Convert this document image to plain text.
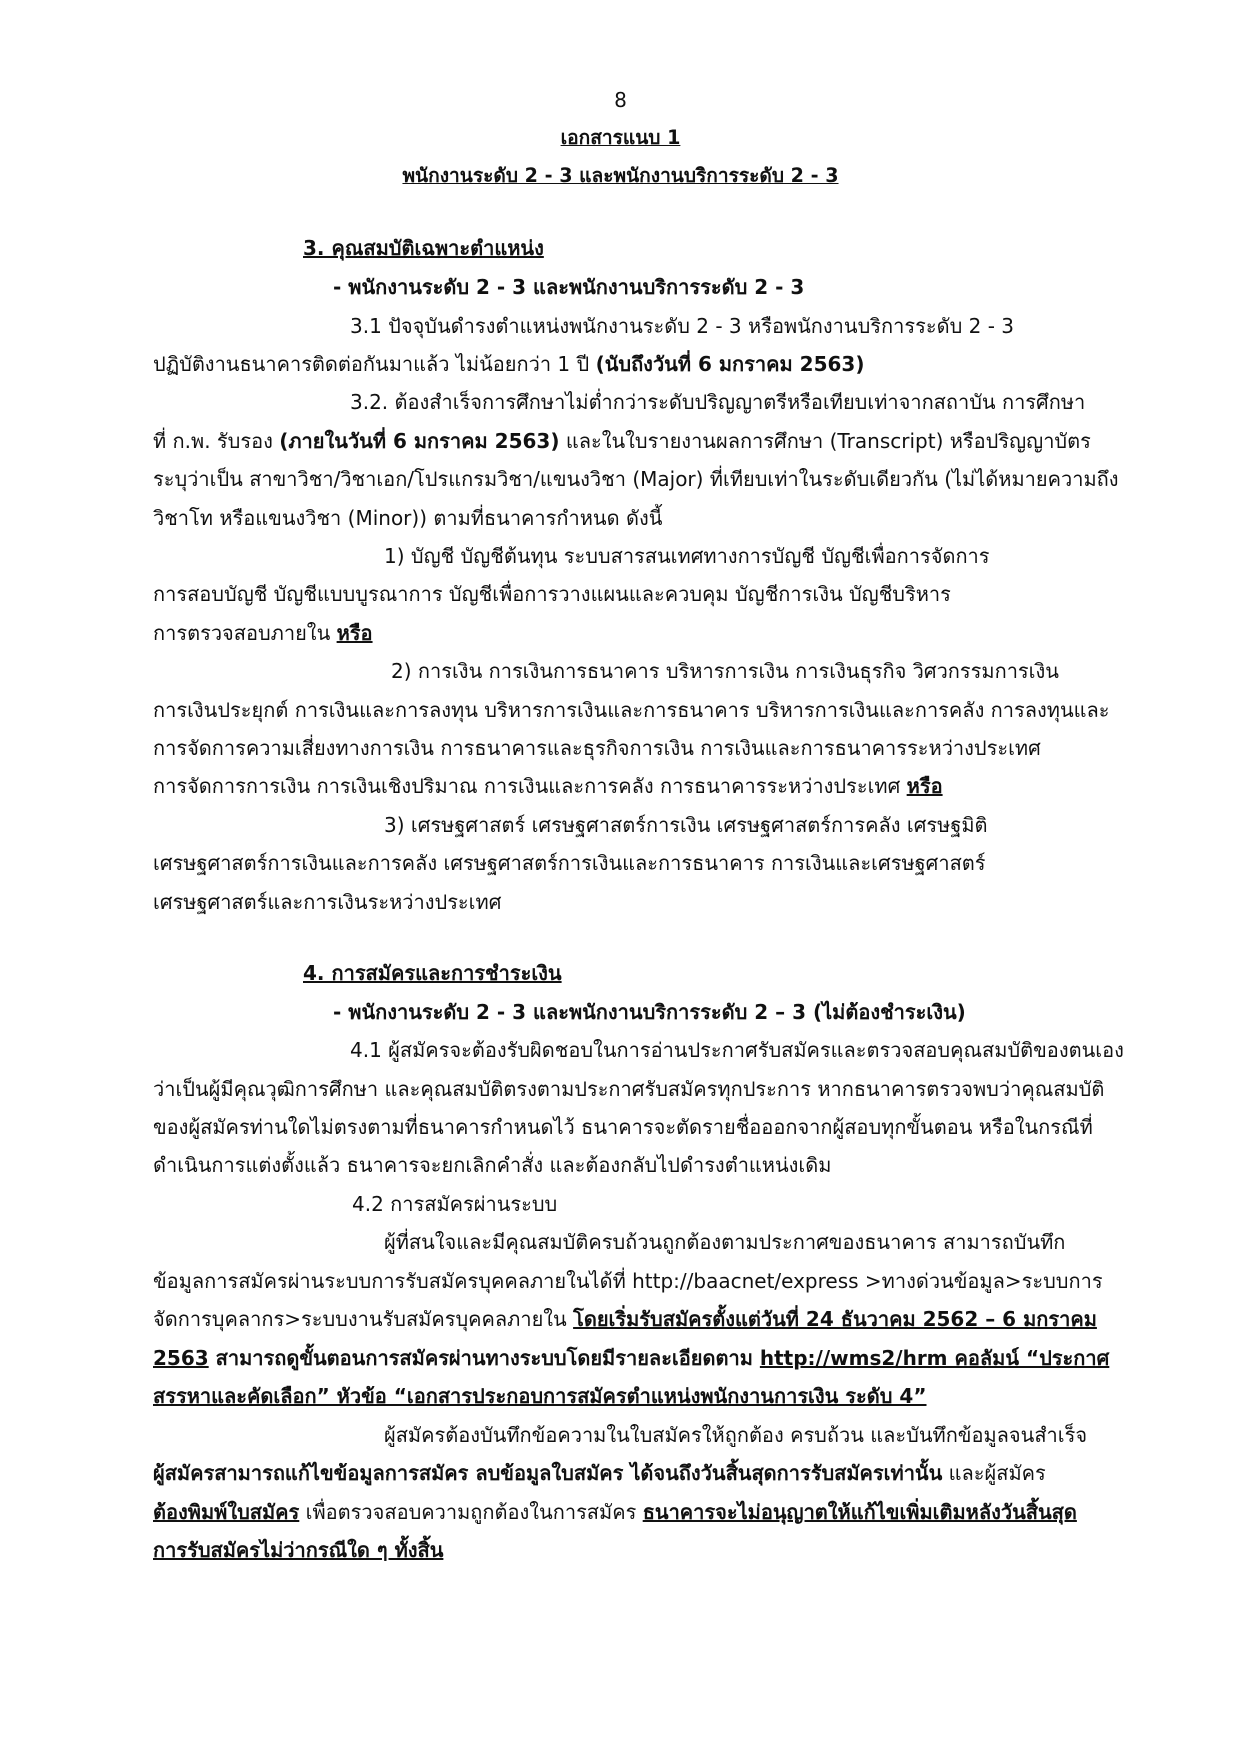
8
เอกสารแนบ 1
พนักงานระดับ 2 - 3 และพนักงานบริการระดับ 2 - 3
3. คุณสมบัติเฉพาะตำแหน่ง
- พนักงานระดับ 2 - 3 และพนักงานบริการระดับ 2 - 3
3.1 ปัจจุบันดำรงตำแหน่งพนักงานระดับ 2 - 3 หรือพนักงานบริการระดับ 2 - 3
ปฏิบัติงานธนาคารติดต่อกันมาแล้ว ไม่น้อยกว่า 1 ปี (นับถึงวันที่ 6 มกราคม 2563)
3.2. ต้องสำเร็จการศึกษาไม่ต่ำกว่าระดับปริญญาตรีหรือเทียบเท่าจากสถาบัน การศึกษา
ที่ ก.พ. รับรอง (ภายในวันที่ 6 มกราคม 2563) และในใบรายงานผลการศึกษา (Transcript) หรือปริญญาบัตร
ระบุว่าเป็น สาขาวิชา/วิชาเอก/โปรแกรมวิชา/แขนงวิชา (Major) ที่เทียบเท่าในระดับเดียวกัน (ไม่ได้หมายความถึง
วิชาโท หรือแขนงวิชา (Minor)) ตามที่ธนาคารกำหนด ดังนี้
1) บัญชี บัญชีต้นทุน ระบบสารสนเทศทางการบัญชี บัญชีเพื่อการจัดการ
การสอบบัญชี บัญชีแบบบูรณาการ บัญชีเพื่อการวางแผนและควบคุม บัญชีการเงิน บัญชีบริหาร
การตรวจสอบภายใน หรือ
2) การเงิน การเงินการธนาคาร บริหารการเงิน การเงินธุรกิจ วิศวกรรมการเงิน
การเงินประยุกต์ การเงินและการลงทุน บริหารการเงินและการธนาคาร บริหารการเงินและการคลัง การลงทุนและ
การจัดการความเสี่ยงทางการเงิน การธนาคารและธุรกิจการเงิน การเงินและการธนาคารระหว่างประเทศ
การจัดการการเงิน การเงินเชิงปริมาณ การเงินและการคลัง การธนาคารระหว่างประเทศ หรือ
3) เศรษฐศาสตร์ เศรษฐศาสตร์การเงิน เศรษฐศาสตร์การคลัง เศรษฐมิติ
เศรษฐศาสตร์การเงินและการคลัง เศรษฐศาสตร์การเงินและการธนาคาร การเงินและเศรษฐศาสตร์
เศรษฐศาสตร์และการเงินระหว่างประเทศ
4. การสมัครและการชำระเงิน
- พนักงานระดับ 2 - 3 และพนักงานบริการระดับ 2 – 3 (ไม่ต้องชำระเงิน)
4.1 ผู้สมัครจะต้องรับผิดชอบในการอ่านประกาศรับสมัครและตรวจสอบคุณสมบัติของตนเอง
ว่าเป็นผู้มีคุณวุฒิการศึกษา และคุณสมบัติตรงตามประกาศรับสมัครทุกประการ หากธนาคารตรวจพบว่าคุณสมบัติ
ของผู้สมัครท่านใดไม่ตรงตามที่ธนาคารกำหนดไว้ ธนาคารจะตัดรายชื่อออกจากผู้สอบทุกขั้นตอน หรือในกรณีที่
ดำเนินการแต่งตั้งแล้ว ธนาคารจะยกเลิกคำสั่ง และต้องกลับไปดำรงตำแหน่งเดิม
4.2 การสมัครผ่านระบบ
ผู้ที่สนใจและมีคุณสมบัติครบถ้วนถูกต้องตามประกาศของธนาคาร สามารถบันทึก
ข้อมูลการสมัครผ่านระบบการรับสมัครบุคคลภายในได้ที่ http://baacnet/express >ทางด่วนข้อมูล>ระบบการ
จัดการบุคลากร>ระบบงานรับสมัครบุคคลภายใน โดยเริ่มรับสมัครตั้งแต่วันที่ 24 ธันวาคม 2562 – 6 มกราคม
2563 สามารถดูขั้นตอนการสมัครผ่านทางระบบโดยมีรายละเอียดตาม http://wms2/hrm คอลัมน์ “ประกาศ
สรรหาและคัดเลือก” หัวข้อ “เอกสารประกอบการสมัครตำแหน่งพนักงานการเงิน ระดับ 4”
ผู้สมัครต้องบันทึกข้อความในใบสมัครให้ถูกต้อง ครบถ้วน และบันทึกข้อมูลจนสำเร็จ
ผู้สมัครสามารถแก้ไขข้อมูลการสมัคร ลบข้อมูลใบสมัคร ได้จนถึงวันสิ้นสุดการรับสมัครเท่านั้น และผู้สมัคร
ต้องพิมพ์ใบสมัคร เพื่อตรวจสอบความถูกต้องในการสมัคร ธนาคารจะไม่อนุญาตให้แก้ไขเพิ่มเติมหลังวันสิ้นสุด
การรับสมัครไม่ว่ากรณีใด ๆ ทั้งสิ้น
